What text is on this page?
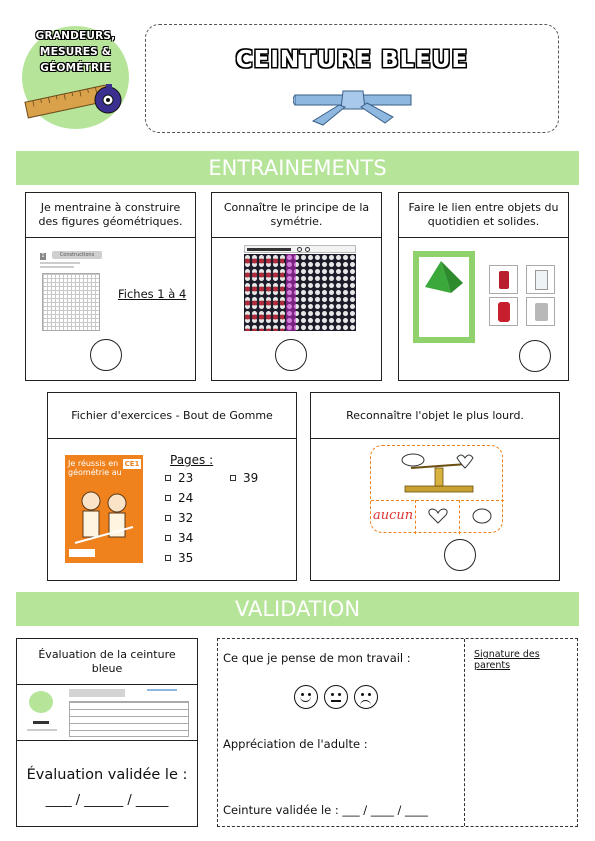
GRANDEURS,
MESURES &
GÉOMÉTRIE	CEINTURE BLEUE
ENTRAINEMENTS
Je mentraine à construire des figures géométriques.
1	Constructions
Fiches 1 à 4
Connaître le principe de la symétrie.
Faire le lien entre objets du quotidien et solides.
Fichier d'exercices - Bout de Gomme
Je réussis en géométrie au
CE1	Pages :
23
24
32
34
35
39
Reconnaître l'objet le plus lourd.
aucun
VALIDATION
Évaluation de la ceinture bleue
Évaluation validée le :
____ / ______ / _____
Ce que je pense de mon travail :
Appréciation de l'adulte :
Ceinture validée le : ___ / ____ / ____
Signature des parents
